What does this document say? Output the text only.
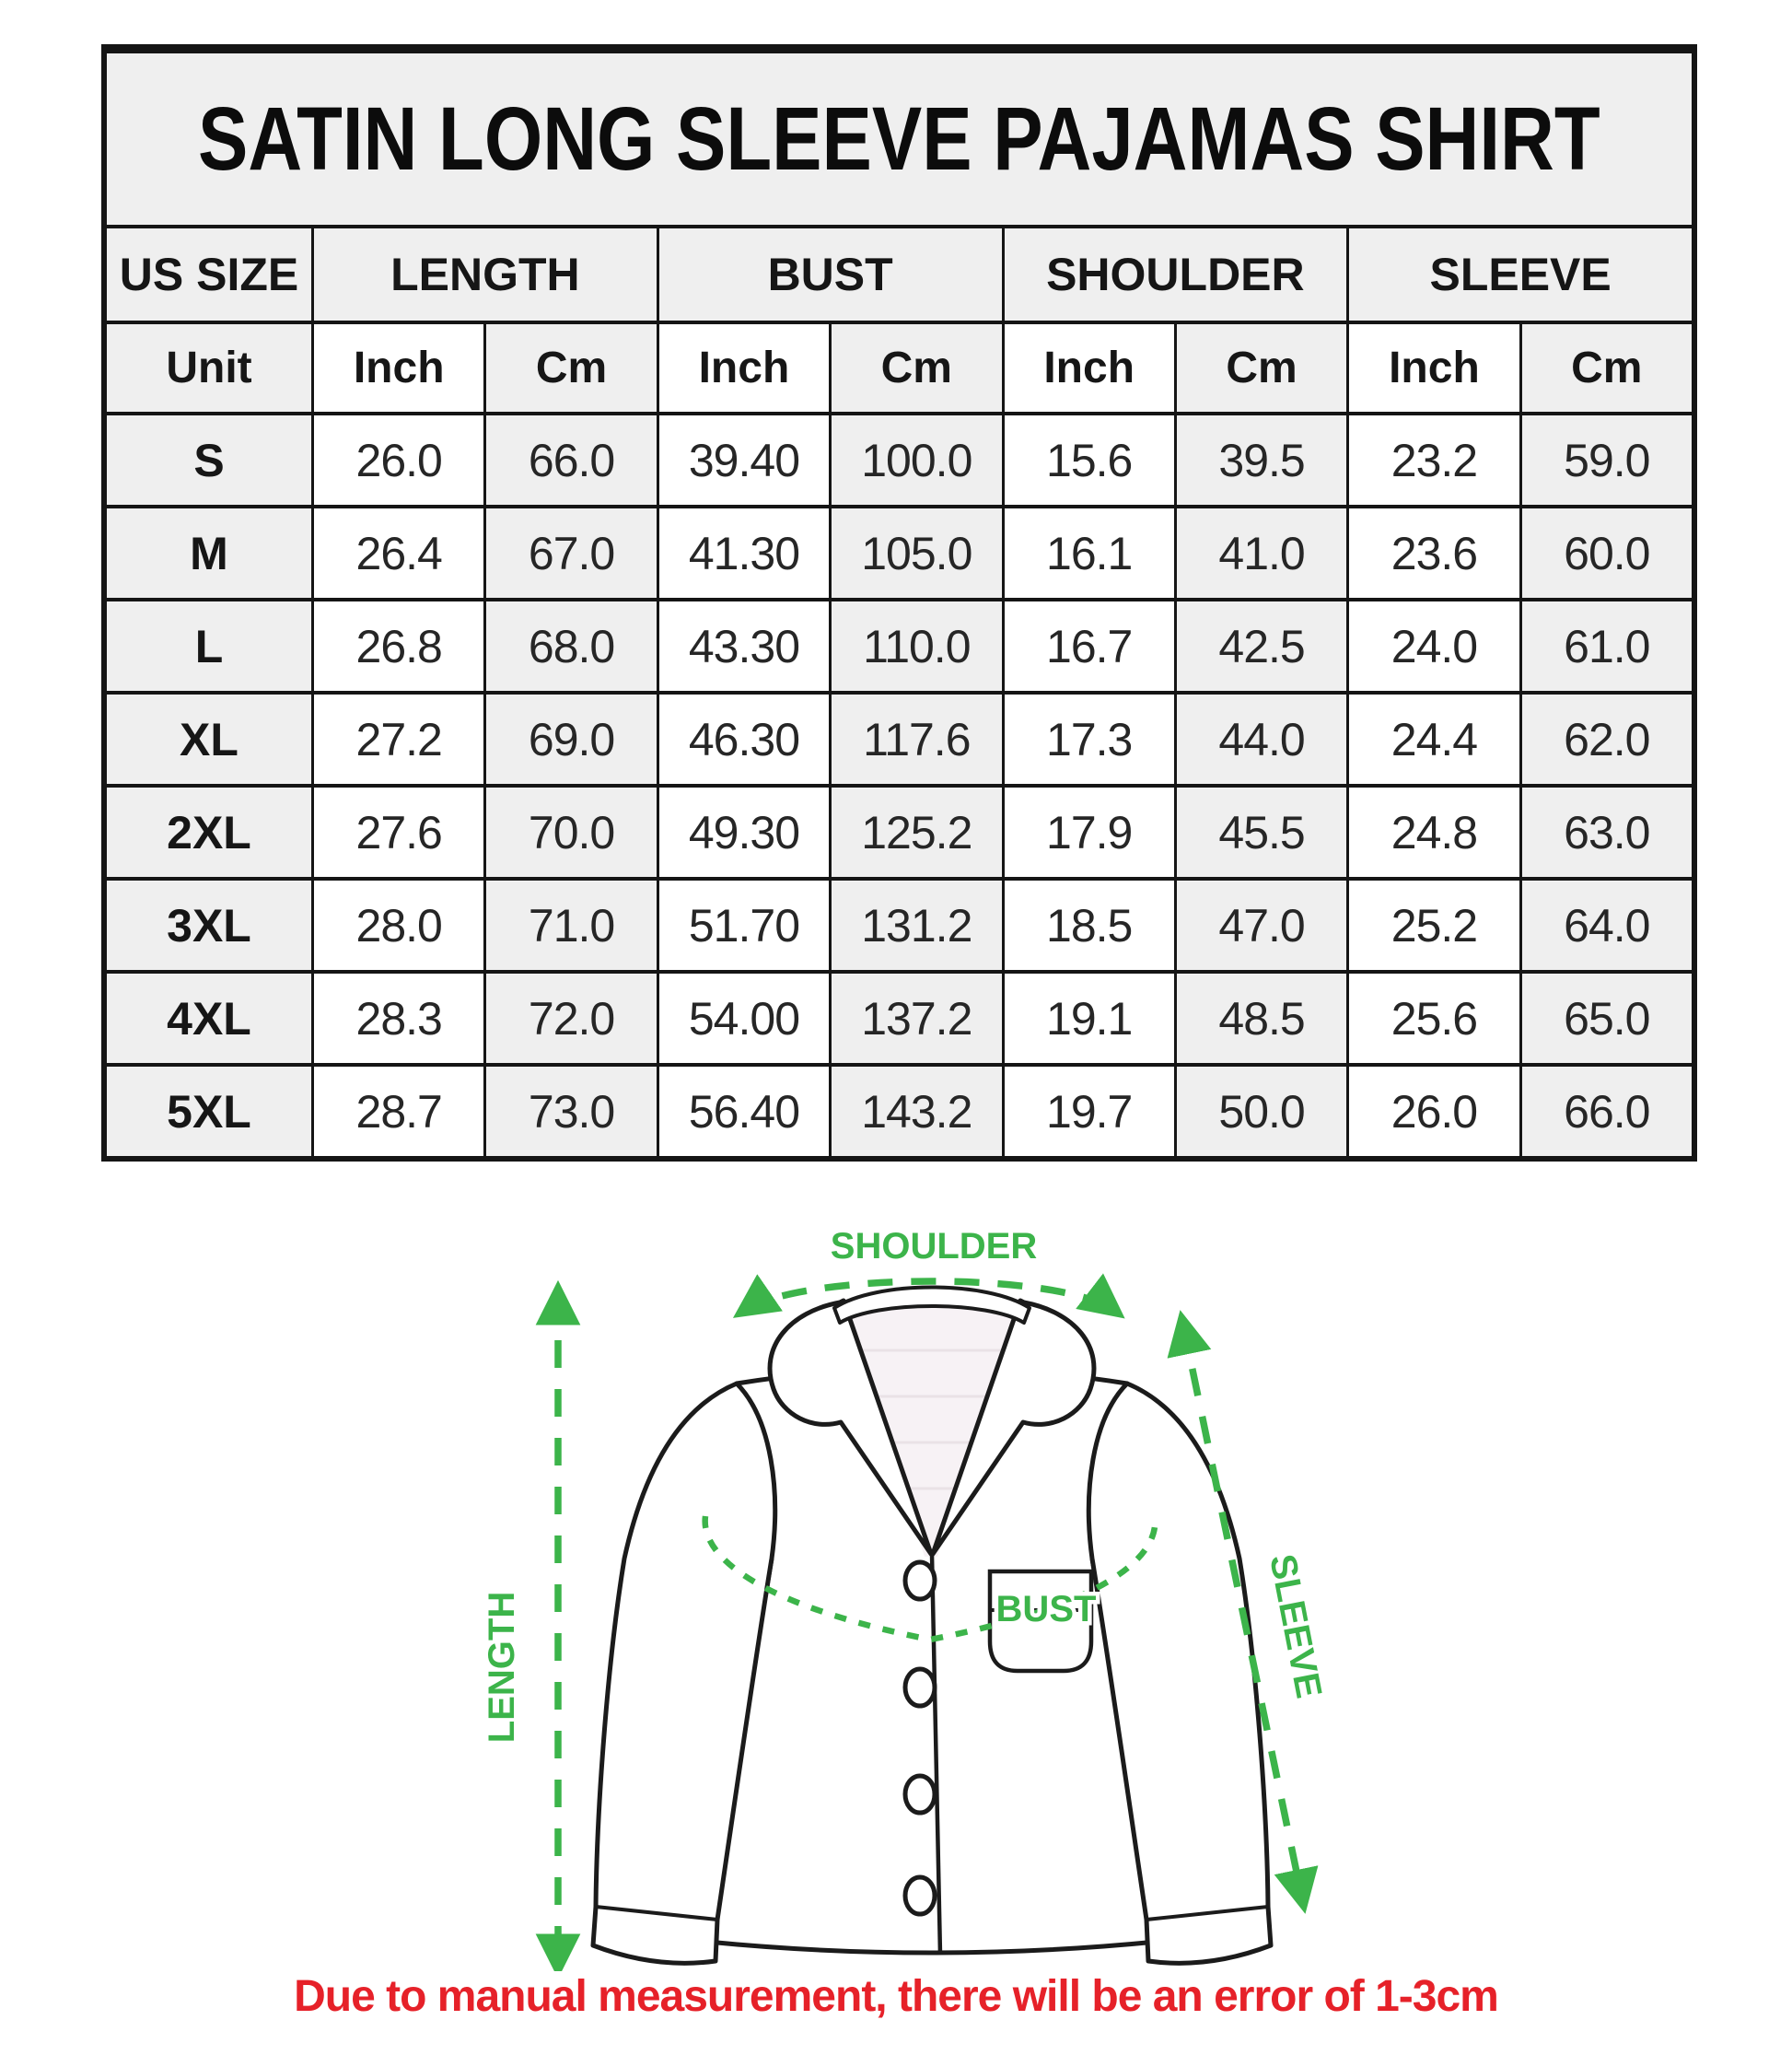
SATIN LONG SLEEVE PAJAMAS SHIRT
US SIZE	LENGTH	BUST	SHOULDER	SLEEVE
Unit	Inch	Cm	Inch	Cm	Inch	Cm	Inch	Cm
S	26.0	66.0	39.40	100.0	15.6	39.5	23.2	59.0
M	26.4	67.0	41.30	105.0	16.1	41.0	23.6	60.0
L	26.8	68.0	43.30	110.0	16.7	42.5	24.0	61.0
XL	27.2	69.0	46.30	117.6	17.3	44.0	24.4	62.0
2XL	27.6	70.0	49.30	125.2	17.9	45.5	24.8	63.0
3XL	28.0	71.0	51.70	131.2	18.5	47.0	25.2	64.0
4XL	28.3	72.0	54.00	137.2	19.1	48.5	25.6	65.0
5XL	28.7	73.0	56.40	143.2	19.7	50.0	26.0	66.0
SHOULDER
LENGTH	BUST	SLEEVE
Due to manual measurement, there will be an error of 1-3cm
